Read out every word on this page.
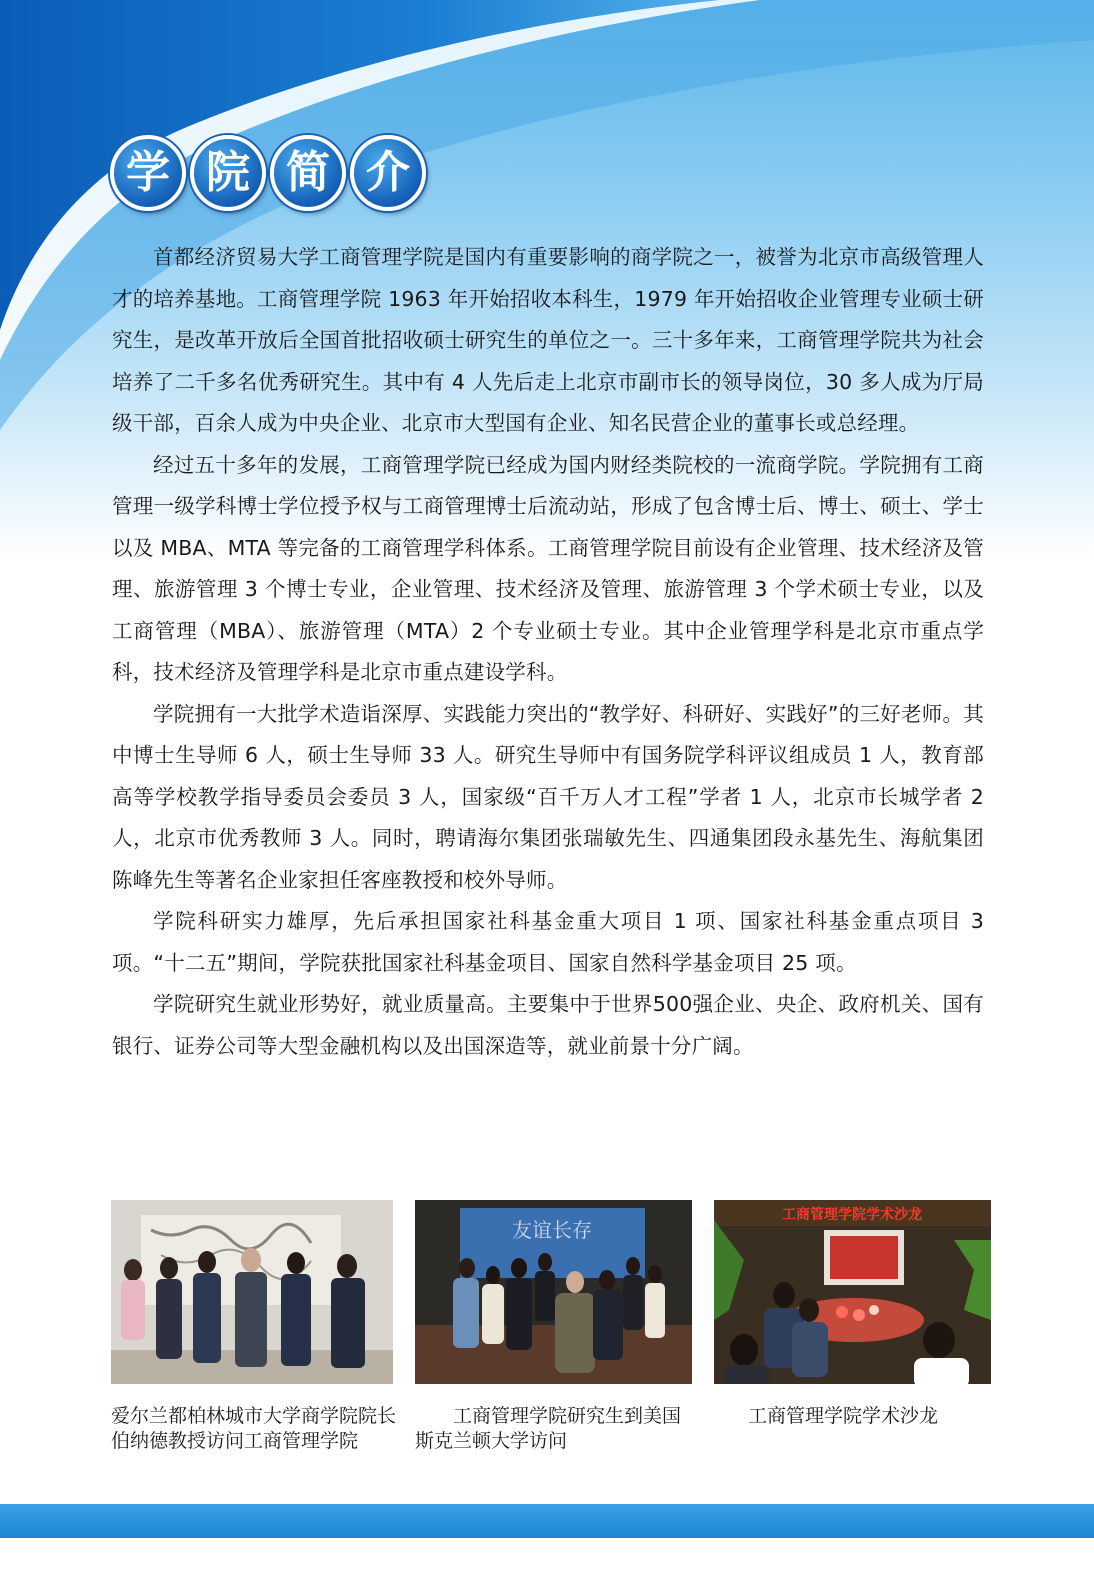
学 院 简 介

首都经济贸易大学工商管理学院是国内有重要影响的商学院之一，被誉为北京市高级管理人才的培养基地。工商管理学院 1963 年开始招收本科生，1979 年开始招收企业管理专业硕士研究生，是改革开放后全国首批招收硕士研究生的单位之一。三十多年来，工商管理学院共为社会培养了二千多名优秀研究生。其中有 4 人先后走上北京市副市长的领导岗位，30 多人成为厅局级干部，百余人成为中央企业、北京市大型国有企业、知名民营企业的董事长或总经理。

经过五十多年的发展，工商管理学院已经成为国内财经类院校的一流商学院。学院拥有工商管理一级学科博士学位授予权与工商管理博士后流动站，形成了包含博士后、博士、硕士、学士以及 MBA、MTA 等完备的工商管理学科体系。工商管理学院目前设有企业管理、技术经济及管理、旅游管理 3 个博士专业，企业管理、技术经济及管理、旅游管理 3 个学术硕士专业，以及工商管理（MBA）、旅游管理（MTA）2 个专业硕士专业。其中企业管理学科是北京市重点学科，技术经济及管理学科是北京市重点建设学科。

学院拥有一大批学术造诣深厚、实践能力突出的“教学好、科研好、实践好”的三好老师。其中博士生导师 6 人，硕士生导师 33 人。研究生导师中有国务院学科评议组成员 1 人，教育部高等学校教学指导委员会委员 3 人，国家级“百千万人才工程”学者 1 人，北京市长城学者 2 人，北京市优秀教师 3 人。同时，聘请海尔集团张瑞敏先生、四通集团段永基先生、海航集团陈峰先生等著名企业家担任客座教授和校外导师。

学院科研实力雄厚，先后承担国家社科基金重大项目 1 项、国家社科基金重点项目 3 项。“十二五”期间，学院获批国家社科基金项目、国家自然科学基金项目 25 项。

学院研究生就业形势好，就业质量高。主要集中于世界500强企业、央企、政府机关、国有银行、证券公司等大型金融机构以及出国深造等，就业前景十分广阔。

友谊长存
工商管理学院学术沙龙
爱尔兰都柏林城市大学商学院院长伯纳德教授访问工商管理学院
工商管理学院研究生到美国斯克兰顿大学访问
工商管理学院学术沙龙
